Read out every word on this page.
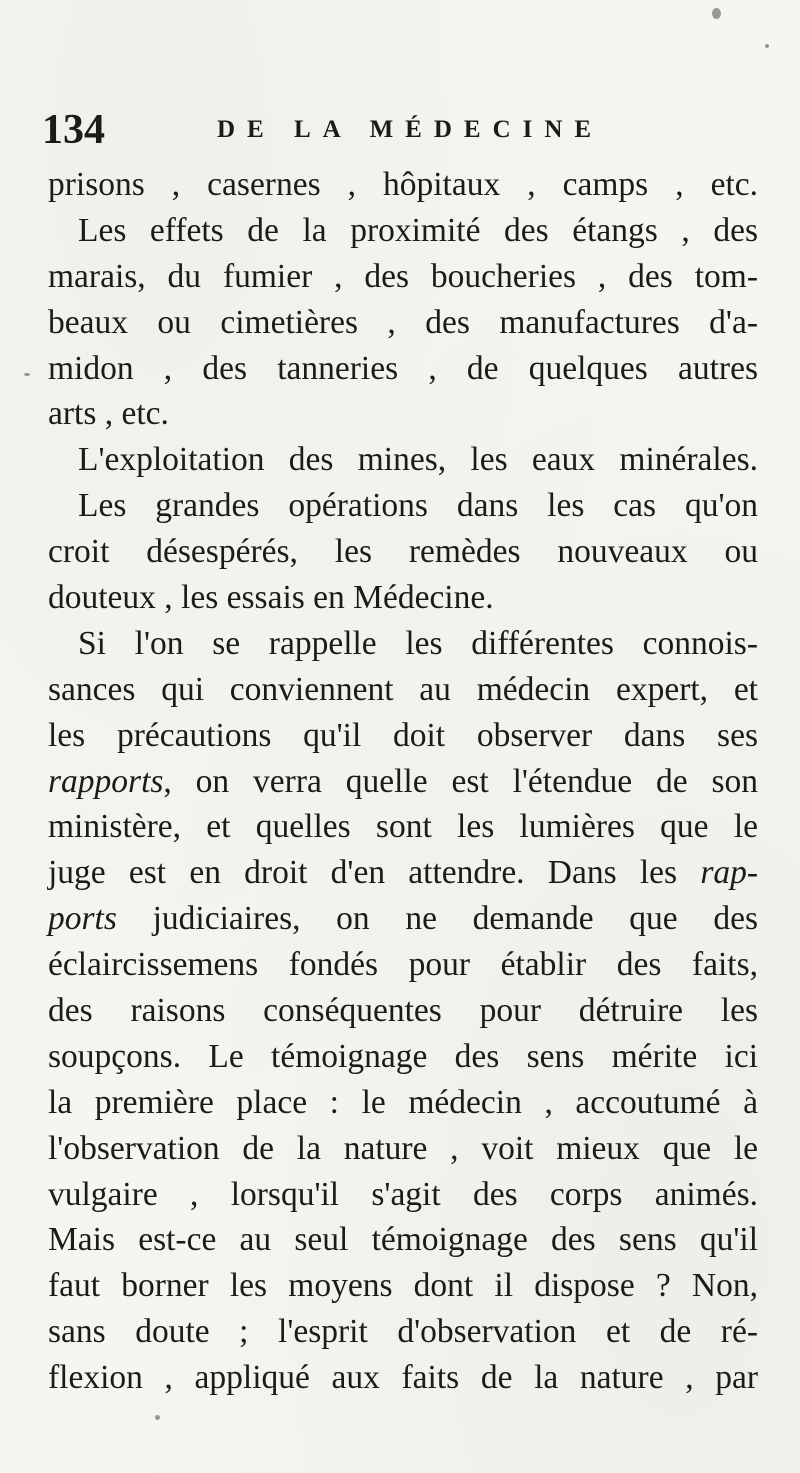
134	DE LA MÉDECINE
prisons , casernes , hôpitaux , camps , etc.
Les effets de la proximité des étangs , des
marais, du fumier , des boucheries , des tom-
beaux ou cimetières , des manufactures d'a-
midon , des tanneries , de quelques autres
arts , etc.
L'exploitation des mines, les eaux minérales.
Les grandes opérations dans les cas qu'on
croit désespérés, les remèdes nouveaux ou
douteux , les essais en Médecine.
Si l'on se rappelle les différentes connois-
sances qui conviennent au médecin expert, et
les précautions qu'il doit observer dans ses
rapports, on verra quelle est l'étendue de son
ministère, et quelles sont les lumières que le
juge est en droit d'en attendre. Dans les rap-
ports judiciaires, on ne demande que des
éclaircissemens fondés pour établir des faits,
des raisons conséquentes pour détruire les
soupçons. Le témoignage des sens mérite ici
la première place : le médecin , accoutumé à
l'observation de la nature , voit mieux que le
vulgaire , lorsqu'il s'agit des corps animés.
Mais est-ce au seul témoignage des sens qu'il
faut borner les moyens dont il dispose ? Non,
sans doute ; l'esprit d'observation et de ré-
flexion , appliqué aux faits de la nature , par
